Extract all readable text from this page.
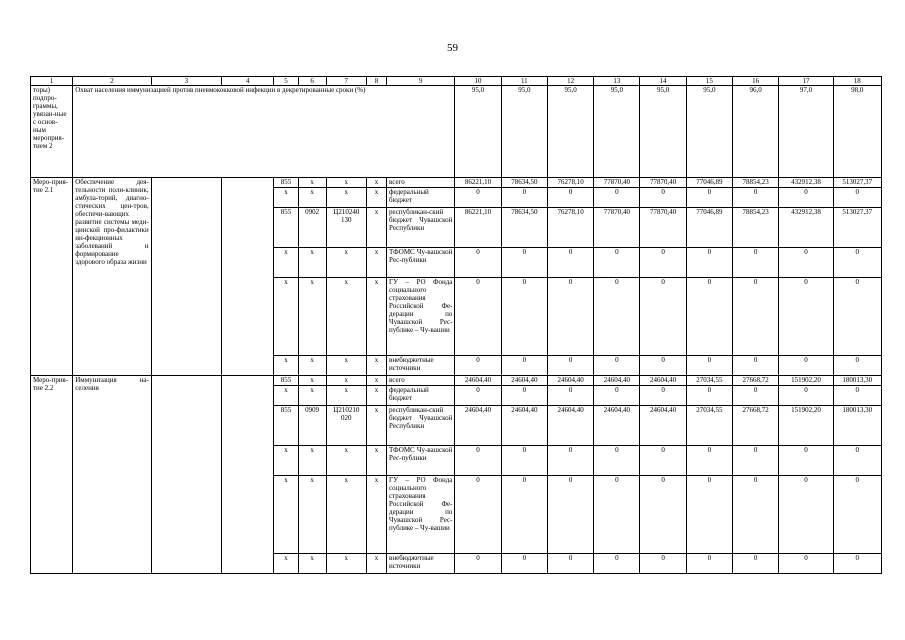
59
1	2	3	4	5	6	7	8	9	10	11	12	13	14	15	16	17	18
торы) подпро-граммы, увязан-ные с основ-ным мероприя-тием 2	Охват населения иммунизацией против пневмококковой инфекции в декретированные сроки (%)								95,0	95,0	95,0	95,0	95,0	95,0	96,0	97,0	98,0
Меро-прия-тие 2.1	Обеспечение дея-тельности поли-клиник, амбула-торий, диагно-стических цен-тров, обеспечи-вающих развитие системы меди-цинской про-филактики ин-фекционных заболеваний и формирование здорового образа жизни			855	x	x	x	всего	86221,10	78634,50	76278,10	77870,40	77870,40	77046,89	78854,23	432912,38	513027,37
				x	x	x	x	федеральный бюджет	0	0	0	0	0	0	0	0	0
				855	0902	Ц210240 130	x	республикан-ский бюджет Чувашской Республики	86221,10	78634,50	76278,10	77870,40	77870,40	77046,89	78854,23	432912,38	513027,37
				x	x	x	x	ТФОМС Чу-вашской Рес-публики	0	0	0	0	0	0	0	0	0
				x	x	x	x	ГУ – РО Фонда социального страхования Российской Фе-дерации по Чувашской Рес-публике – Чу-вашии	0	0	0	0	0	0	0	0	0
				x	x	x	x	внебюджетные источники	0	0	0	0	0	0	0	0	0
Меро-прия-тие 2.2	Иммунизация на-селения			855	x	x	x	всего	24604,40	24604,40	24604,40	24604,40	24604,40	27034,55	27668,72	151902,20	180013,30
				x	x	x	x	федеральный бюджет	0	0	0	0	0	0	0	0	0
				855	0909	Ц210210 020	x	республикан-ский бюджет Чувашской Республики	24604,40	24604,40	24604,40	24604,40	24604,40	27034,55	27668,72	151902,20	180013,30
				x	x	x	x	ТФОМС Чу-вашской Рес-публики	0	0	0	0	0	0	0	0	0
				x	x	x	x	ГУ – РО Фонда социального страхования Российской Фе-дерации по Чувашской Рес-публике – Чу-вашии	0	0	0	0	0	0	0	0	0
				x	x	x	x	внебюджетные источники	0	0	0	0	0	0	0	0	0
